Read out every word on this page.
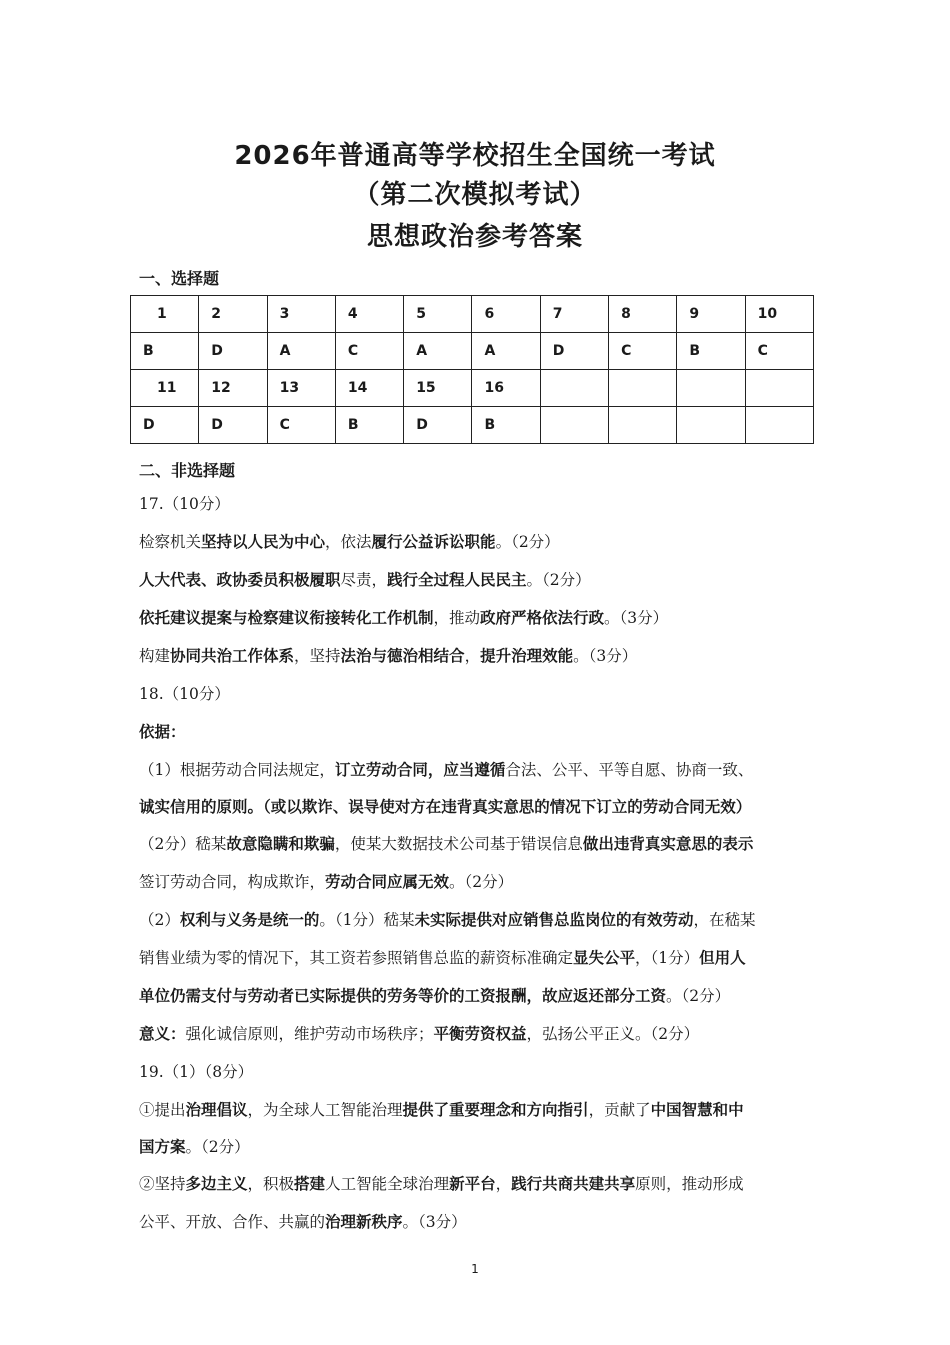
2026年普通高等学校招生全国统一考试
（第二次模拟考试）
思想政治参考答案
一、选择题
1	2	3	4	5	6	7	8	9	10
B	D	A	C	A	A	D	C	B	C
11	12	13	14	15	16				
D	D	C	B	D	B				
二、非选择题
17.（10分）
检察机关坚持以人民为中心，依法履行公益诉讼职能。（2分）
人大代表、政协委员积极履职尽责，践行全过程人民民主。（2分）
依托建议提案与检察建议衔接转化工作机制，推动政府严格依法行政。（3分）
构建协同共治工作体系，坚持法治与德治相结合，提升治理效能。（3分）
18.（10分）
依据：
（1）根据劳动合同法规定，订立劳动合同，应当遵循合法、公平、平等自愿、协商一致、
诚实信用的原则。（或以欺诈、误导使对方在违背真实意思的情况下订立的劳动合同无效）
（2分）嵇某故意隐瞒和欺骗，使某大数据技术公司基于错误信息做出违背真实意思的表示
签订劳动合同，构成欺诈，劳动合同应属无效。（2分）
（2）权利与义务是统一的。（1分）嵇某未实际提供对应销售总监岗位的有效劳动，在嵇某
销售业绩为零的情况下，其工资若参照销售总监的薪资标准确定显失公平，（1分）但用人
单位仍需支付与劳动者已实际提供的劳务等价的工资报酬，故应返还部分工资。（2分）
意义：强化诚信原则，维护劳动市场秩序；平衡劳资权益，弘扬公平正义。（2分）
19.（1）（8分）
①提出治理倡议，为全球人工智能治理提供了重要理念和方向指引，贡献了中国智慧和中
国方案。（2分）
②坚持多边主义，积极搭建人工智能全球治理新平台，践行共商共建共享原则，推动形成
公平、开放、合作、共赢的治理新秩序。（3分）
1
